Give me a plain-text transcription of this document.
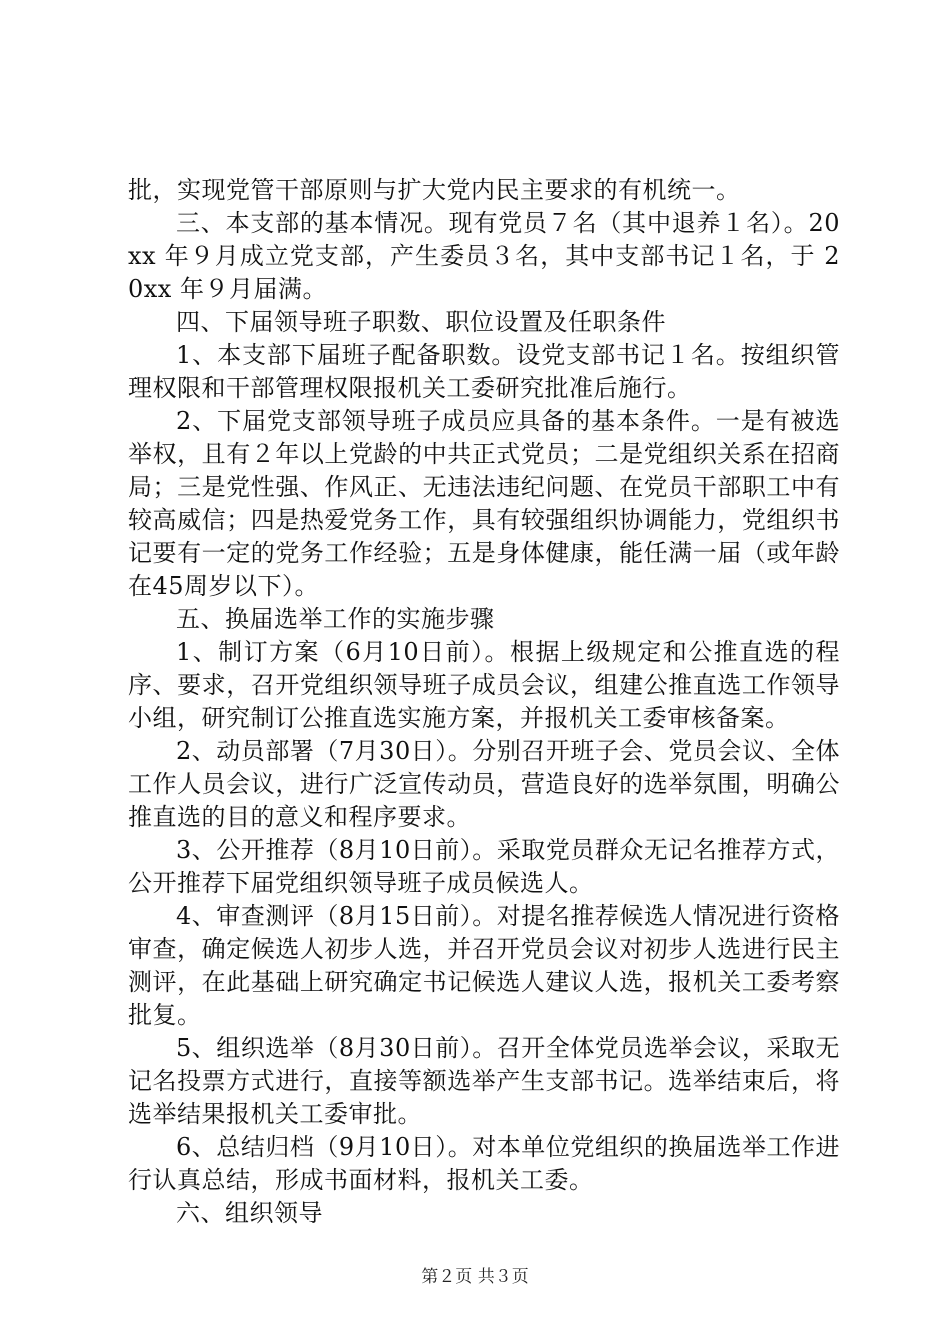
批，实现党管干部原则与扩大党内民主要求的有机统一。

三、本支部的基本情况。现有党员７名（其中退养１名）。20xx 年９月成立党支部，产生委员３名，其中支部书记１名，于 20xx 年９月届满。

四、下届领导班子职数、职位设置及任职条件

1、本支部下届班子配备职数。设党支部书记１名。按组织管理权限和干部管理权限报机关工委研究批准后施行。

2、下届党支部领导班子成员应具备的基本条件。一是有被选举权，且有２年以上党龄的中共正式党员；二是党组织关系在招商局；三是党性强、作风正、无违法违纪问题、在党员干部职工中有较高威信；四是热爱党务工作，具有较强组织协调能力，党组织书记要有一定的党务工作经验；五是身体健康，能任满一届（或年龄在45周岁以下）。

五、换届选举工作的实施步骤

1、制订方案（6月10日前）。根据上级规定和公推直选的程序、要求，召开党组织领导班子成员会议，组建公推直选工作领导小组，研究制订公推直选实施方案，并报机关工委审核备案。

2、动员部署（7月30日）。分别召开班子会、党员会议、全体工作人员会议，进行广泛宣传动员，营造良好的选举氛围，明确公推直选的目的意义和程序要求。

3、公开推荐（8月10日前）。采取党员群众无记名推荐方式，公开推荐下届党组织领导班子成员候选人。

4、审查测评（8月15日前）。对提名推荐候选人情况进行资格审查，确定候选人初步人选，并召开党员会议对初步人选进行民主测评，在此基础上研究确定书记候选人建议人选，报机关工委考察批复。

5、组织选举（8月30日前）。召开全体党员选举会议，采取无记名投票方式进行，直接等额选举产生支部书记。选举结束后，将选举结果报机关工委审批。

6、总结归档（9月10日）。对本单位党组织的换届选举工作进行认真总结，形成书面材料，报机关工委。

六、组织领导

第２页 共３页
